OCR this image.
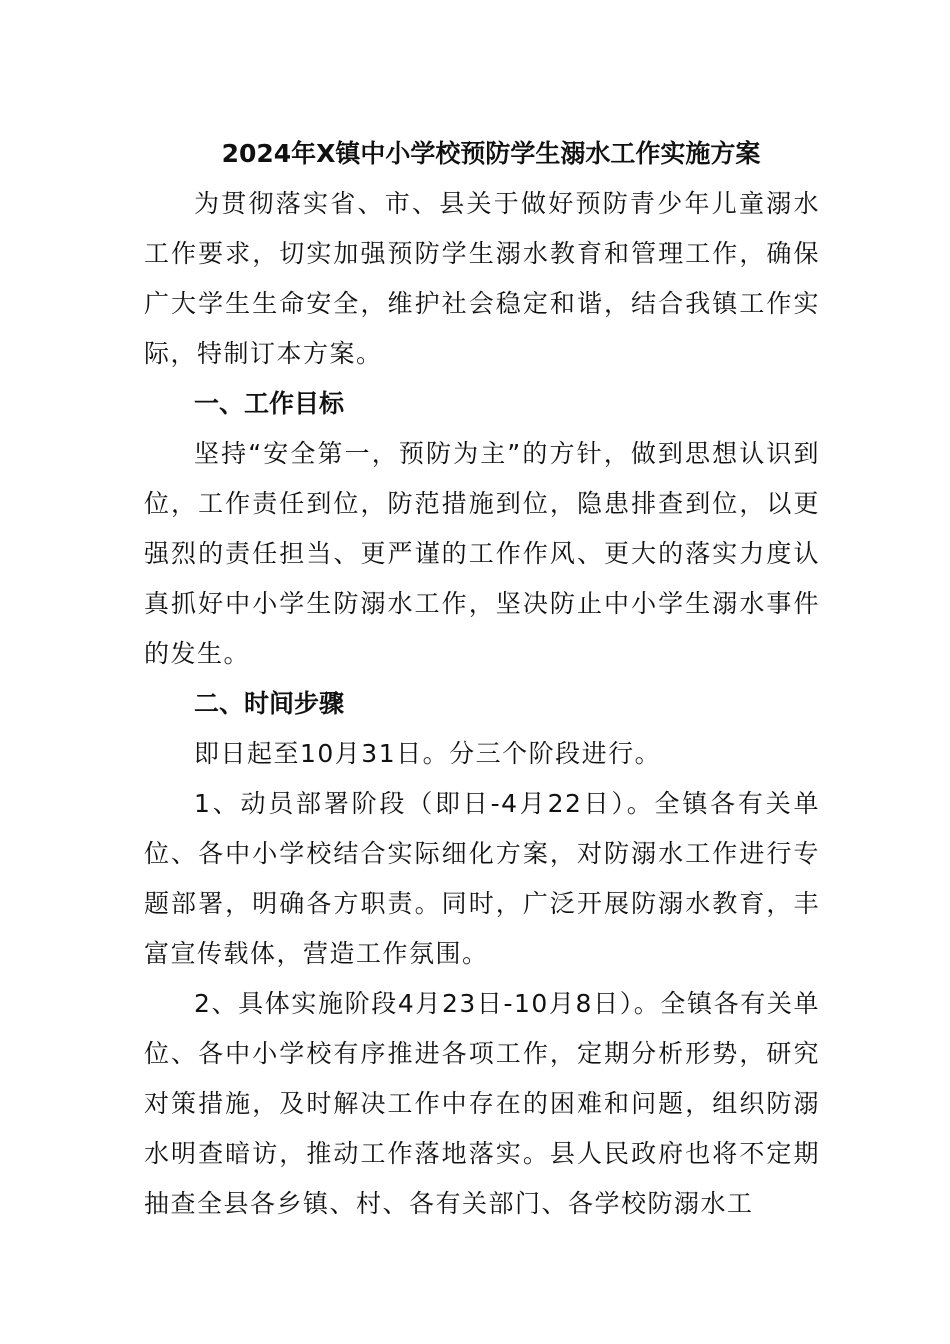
2024年X镇中小学校预防学生溺水工作实施方案

为贯彻落实省、市、县关于做好预防青少年儿童溺水工作要求，切实加强预防学生溺水教育和管理工作，确保广大学生生命安全，维护社会稳定和谐，结合我镇工作实际，特制订本方案。

一、工作目标

坚持“安全第一，预防为主”的方针，做到思想认识到位，工作责任到位，防范措施到位，隐患排查到位，以更强烈的责任担当、更严谨的工作作风、更大的落实力度认真抓好中小学生防溺水工作，坚决防止中小学生溺水事件的发生。

二、时间步骤

即日起至10月31日。分三个阶段进行。

1、动员部署阶段（即日-4月22日）。全镇各有关单位、各中小学校结合实际细化方案，对防溺水工作进行专题部署，明确各方职责。同时，广泛开展防溺水教育，丰富宣传载体，营造工作氛围。

2、具体实施阶段4月23日-10月8日）。全镇各有关单位、各中小学校有序推进各项工作，定期分析形势，研究对策措施，及时解决工作中存在的困难和问题，组织防溺水明查暗访，推动工作落地落实。县人民政府也将不定期抽查全县各乡镇、村、各有关部门、各学校防溺水工
